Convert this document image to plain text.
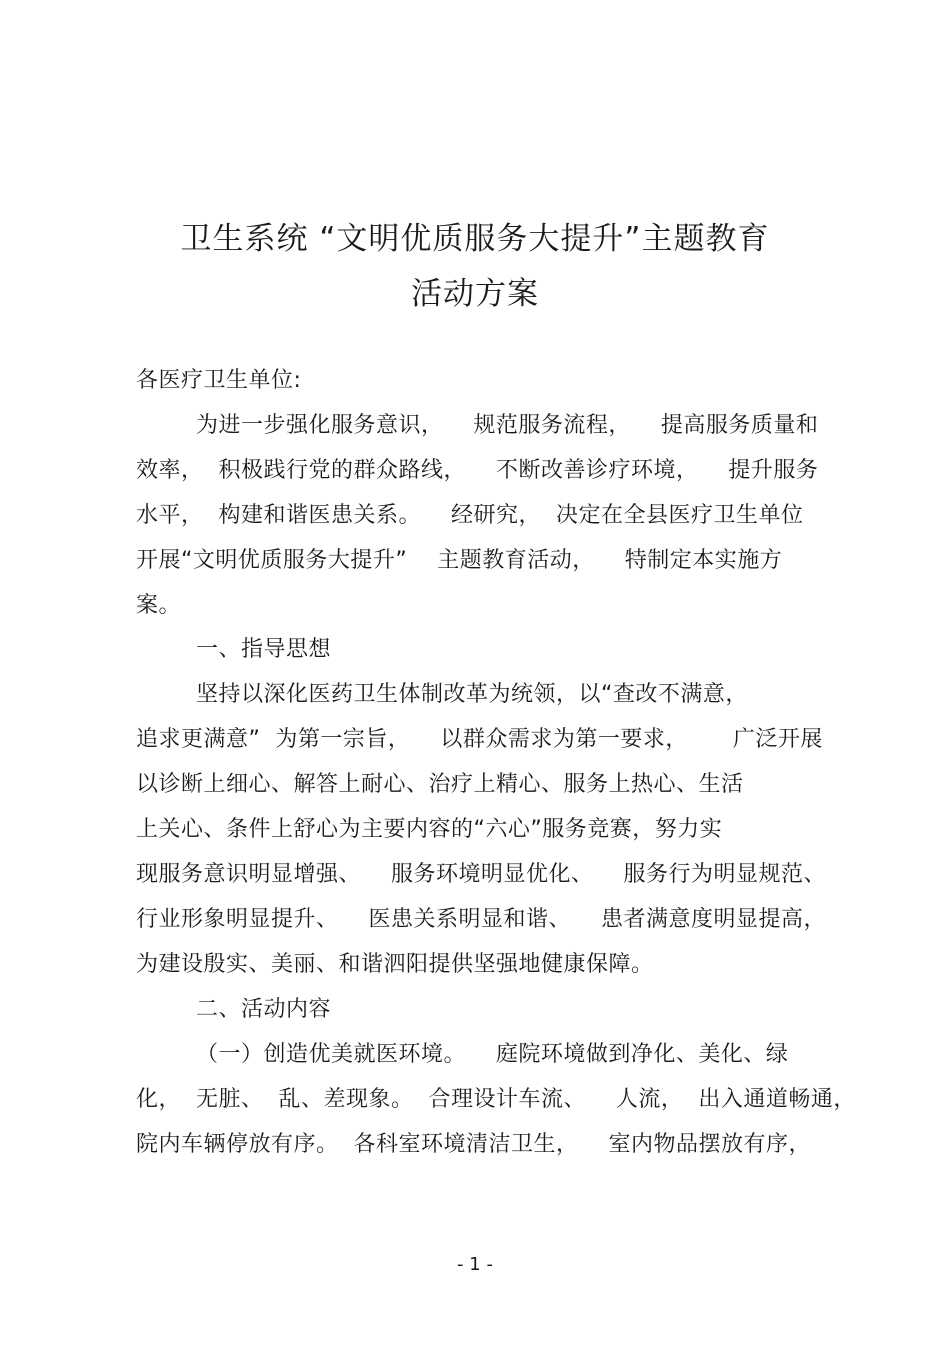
卫生系统 “文明优质服务大提升”主题教育
活动方案
各医疗卫生单位:
为进一步强化服务意识，    规范服务流程，    提高服务质量和
效率，  积极践行党的群众路线，    不断改善诊疗环境，    提升服务
水平，  构建和谐医患关系。    经研究，  决定在全县医疗卫生单位
开展“文明优质服务大提升”    主题教育活动，    特制定本实施方
案。
一、指导思想
坚持以深化医药卫生体制改革为统领，以“查改不满意，
追求更满意”  为第一宗旨，    以群众需求为第一要求，      广泛开展
以诊断上细心、解答上耐心、治疗上精心、服务上热心、生活
上关心、条件上舒心为主要内容的“六心”服务竞赛，努力实
现服务意识明显增强、    服务环境明显优化、    服务行为明显规范、
行业形象明显提升、    医患关系明显和谐、    患者满意度明显提高，
为建设殷实、美丽、和谐泗阳提供坚强地健康保障。
二、活动内容
（一）创造优美就医环境。    庭院环境做到净化、美化、绿
化，  无脏、  乱、差现象。  合理设计车流、    人流，  出入通道畅通，
院内车辆停放有序。  各科室环境清洁卫生，    室内物品摆放有序，
- 1 -
